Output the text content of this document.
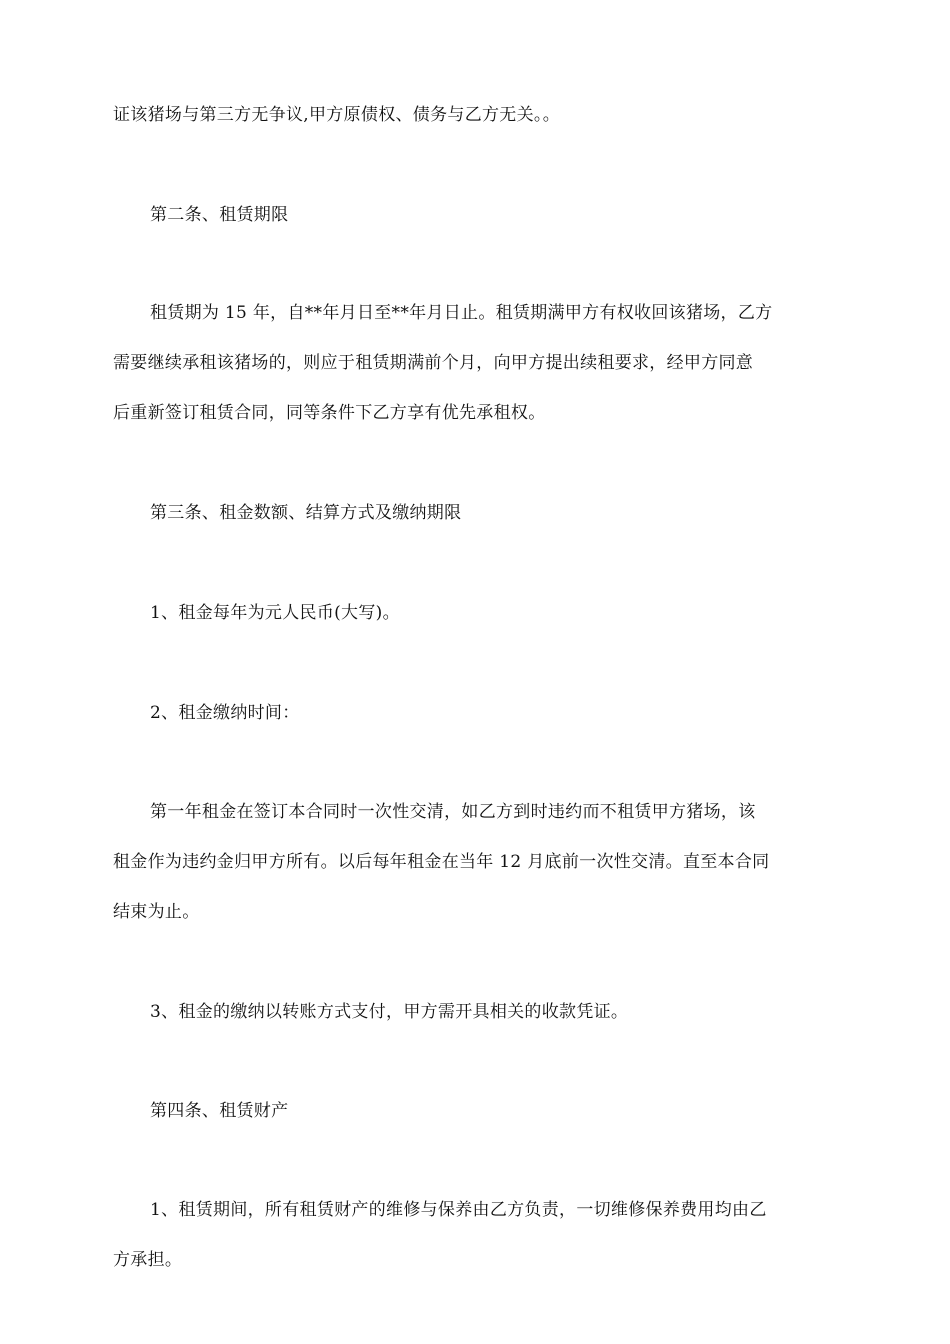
证该猪场与第三方无争议,甲方原债权、债务与乙方无关。。
第二条、租赁期限
租赁期为 15 年，自**年月日至**年月日止。租赁期满甲方有权收回该猪场，乙方
需要继续承租该猪场的，则应于租赁期满前个月，向甲方提出续租要求，经甲方同意
后重新签订租赁合同，同等条件下乙方享有优先承租权。
第三条、租金数额、结算方式及缴纳期限
1、租金每年为元人民币(大写)。
2、租金缴纳时间：
第一年租金在签订本合同时一次性交清，如乙方到时违约而不租赁甲方猪场，该
租金作为违约金归甲方所有。以后每年租金在当年 12 月底前一次性交清。直至本合同
结束为止。
3、租金的缴纳以转账方式支付，甲方需开具相关的收款凭证。
第四条、租赁财产
1、租赁期间，所有租赁财产的维修与保养由乙方负责，一切维修保养费用均由乙
方承担。
